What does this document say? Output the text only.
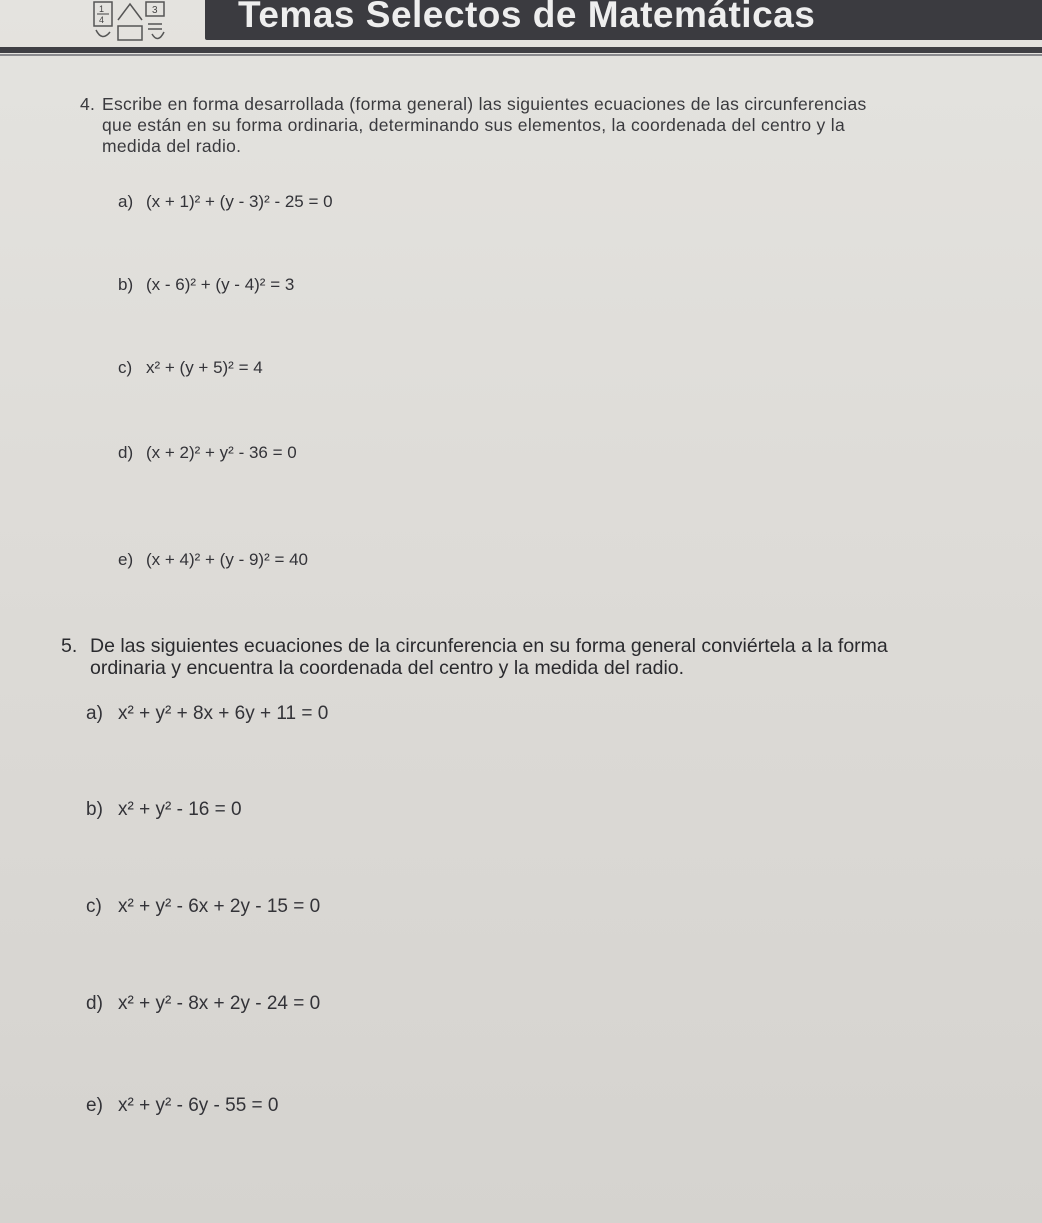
1
4
3 Temas Selectos de Matemáticas
4. Escribe en forma desarrollada (forma general) las siguientes ecuaciones de las circunferencias
que están en su forma ordinaria, determinando sus elementos, la coordenada del centro y la
medida del radio.
a) (x + 1)² + (y - 3)² - 25 = 0
b) (x - 6)² + (y - 4)² = 3
c) x² + (y + 5)² = 4
d) (x + 2)² + y² - 36 = 0
e) (x + 4)² + (y - 9)² = 40
5. De las siguientes ecuaciones de la circunferencia en su forma general conviértela a la forma
ordinaria y encuentra la coordenada del centro y la medida del radio.
a) x² + y² + 8x + 6y + 11 = 0
b) x² + y² - 16 = 0
c) x² + y² - 6x + 2y - 15 = 0
d) x² + y² - 8x + 2y - 24 = 0
e) x² + y² - 6y - 55 = 0
